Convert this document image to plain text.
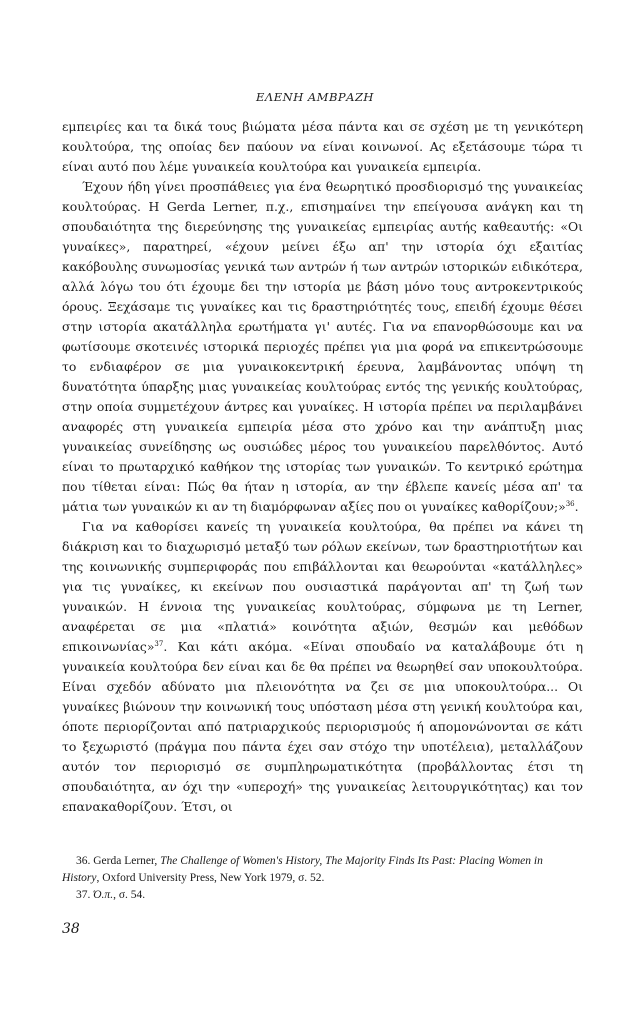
ΕΛΕΝΗ ΑΜΒΡΑΖΗ

εμπειρίες και τα δικά τους βιώματα μέσα πάντα και σε σχέση με τη γενικότερη κουλτούρα, της οποίας δεν παύουν να είναι κοινωνοί. Ας εξετάσουμε τώρα τι είναι αυτό που λέμε γυναικεία κουλτούρα και γυναικεία εμπειρία.

Έχουν ήδη γίνει προσπάθειες για ένα θεωρητικό προσδιορισμό της γυναικείας κουλτούρας. Η Gerda Lerner, π.χ., επισημαίνει την επείγουσα ανάγκη και τη σπουδαιότητα της διερεύνησης της γυναικείας εμπειρίας αυτής καθεαυτής: «Οι γυναίκες», παρατηρεί, «έχουν μείνει έξω απ' την ιστορία όχι εξαιτίας κακόβουλης συνωμοσίας γενικά των αντρών ή των αντρών ιστορικών ειδικότερα, αλλά λόγω του ότι έχουμε δει την ιστορία με βάση μόνο τους αντροκεντρικούς όρους. Ξεχάσαμε τις γυναίκες και τις δραστηριότητές τους, επειδή έχουμε θέσει στην ιστορία ακατάλληλα ερωτήματα γι' αυτές. Για να επανορθώσουμε και να φωτίσουμε σκοτεινές ιστορικά περιοχές πρέπει για μια φορά να επικεντρώσουμε το ενδιαφέρον σε μια γυναικοκεντρική έρευνα, λαμβάνοντας υπόψη τη δυνατότητα ύπαρξης μιας γυναικείας κουλτούρας εντός της γενικής κουλτούρας, στην οποία συμμετέχουν άντρες και γυναίκες. Η ιστορία πρέπει να περιλαμβάνει αναφορές στη γυναικεία εμπειρία μέσα στο χρόνο και την ανάπτυξη μιας γυναικείας συνείδησης ως ουσιώδες μέρος του γυναικείου παρελθόντος. Αυτό είναι το πρωταρχικό καθήκον της ιστορίας των γυναικών. Το κεντρικό ερώτημα που τίθεται είναι: Πώς θα ήταν η ιστορία, αν την έβλεπε κανείς μέσα απ' τα μάτια των γυναικών κι αν τη διαμόρφωναν αξίες που οι γυναίκες καθορίζουν;»$^{36}$.

Για να καθορίσει κανείς τη γυναικεία κουλτούρα, θα πρέπει να κάνει τη διάκριση και το διαχωρισμό μεταξύ των ρόλων εκείνων, των δραστηριοτήτων και της κοινωνικής συμπεριφοράς που επιβάλλονται και θεωρούνται «κατάλληλες» για τις γυναίκες, κι εκείνων που ουσιαστικά παράγονται απ' τη ζωή των γυναικών. Η έννοια της γυναικείας κουλτούρας, σύμφωνα με τη Lerner, αναφέρεται σε μια «πλατιά» κοινότητα αξιών, θεσμών και μεθόδων επικοινωνίας»$^{37}$. Και κάτι ακόμα. «Είναι σπουδαίο να καταλάβουμε ότι η γυναικεία κουλτούρα δεν είναι και δε θα πρέπει να θεωρηθεί σαν υποκουλτούρα. Είναι σχεδόν αδύνατο μια πλειονότητα να ζει σε μια υποκουλτούρα... Οι γυναίκες βιώνουν την κοινωνική τους υπόσταση μέσα στη γενική κουλτούρα και, όποτε περιορίζονται από πατριαρχικούς περιορισμούς ή απομονώνονται σε κάτι το ξεχωριστό (πράγμα που πάντα έχει σαν στόχο την υποτέλεια), μεταλλάζουν αυτόν τον περιορισμό σε συμπληρωματικότητα (προβάλλοντας έτσι τη σπουδαιότητα, αν όχι την «υπεροχή» της γυναικείας λειτουργικότητας) και τον επανακαθορίζουν. Έτσι, οι

36. Gerda Lerner, The Challenge of Women's History, The Majority Finds Its Past: Placing Women in History, Oxford University Press, New York 1979, σ. 52.

37. Ό.π., σ. 54.

38
